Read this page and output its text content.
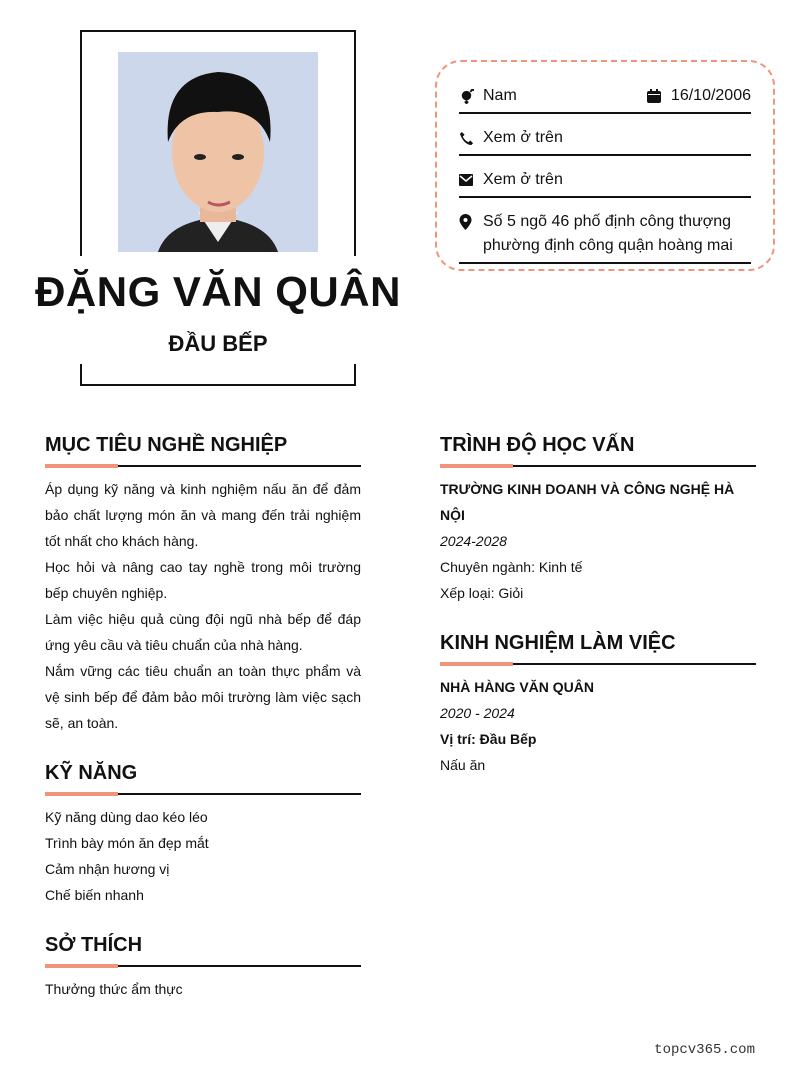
ĐẶNG VĂN QUÂN
ĐẦU BẾP
Nam	16/10/2006
Xem ở trên
Xem ở trên
Số 5 ngõ 46 phố định công thượng phường định công quận hoàng mai
MỤC TIÊU NGHỀ NGHIỆP
Áp dụng kỹ năng và kinh nghiệm nấu ăn để đảm bảo chất lượng món ăn và mang đến trải nghiệm tốt nhất cho khách hàng.
Học hỏi và nâng cao tay nghề trong môi trường bếp chuyên nghiệp.
Làm việc hiệu quả cùng đội ngũ nhà bếp để đáp ứng yêu cầu và tiêu chuẩn của nhà hàng.
Nắm vững các tiêu chuẩn an toàn thực phẩm và vệ sinh bếp để đảm bảo môi trường làm việc sạch sẽ, an toàn.
KỸ NĂNG
Kỹ năng dùng dao kéo léo
Trình bày món ăn đẹp mắt
Cảm nhận hương vị
Chế biến nhanh
SỞ THÍCH
Thưởng thức ẩm thực
TRÌNH ĐỘ HỌC VẤN
TRƯỜNG KINH DOANH VÀ CÔNG NGHỆ HÀ NỘI
2024-2028
Chuyên ngành: Kinh tế
Xếp loại: Giỏi
KINH NGHIỆM LÀM VIỆC
NHÀ HÀNG VĂN QUÂN
2020 - 2024
Vị trí: Đầu Bếp
Nấu ăn
topcv365.com
